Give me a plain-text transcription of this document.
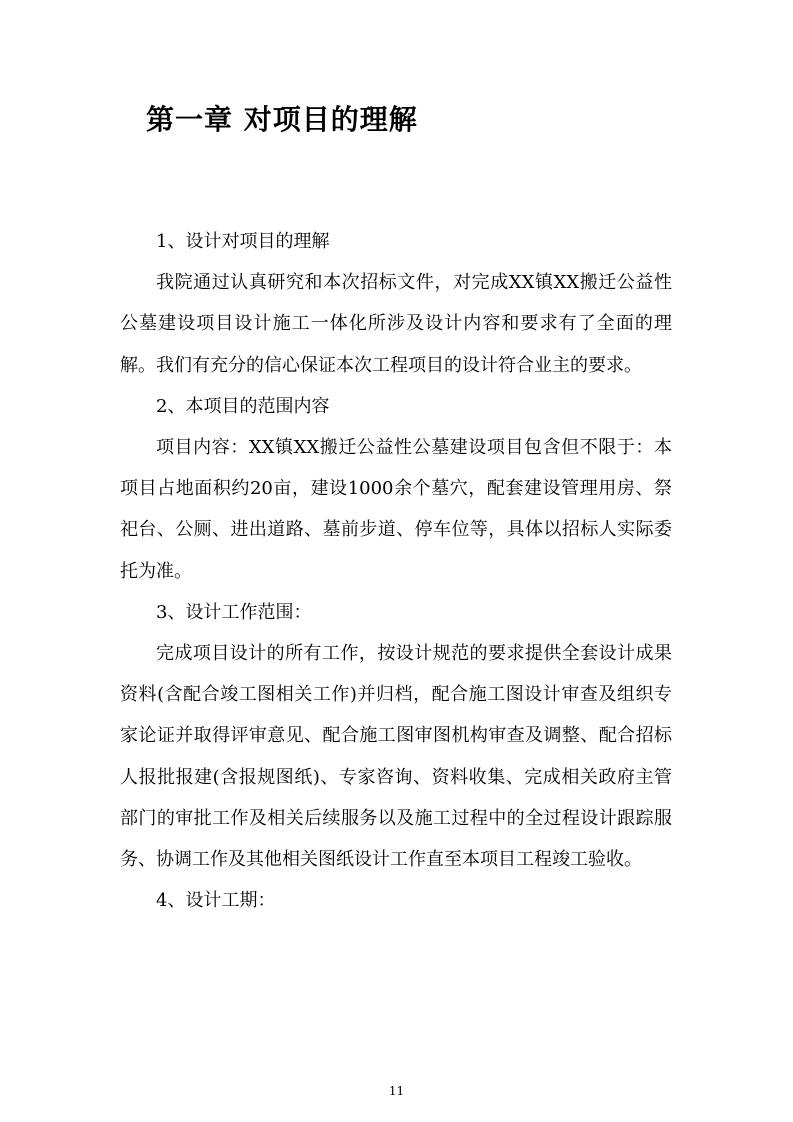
第一章 对项目的理解

1、设计对项目的理解

我院通过认真研究和本次招标文件，对完成XX镇XX搬迁公益性公墓建设项目设计施工一体化所涉及设计内容和要求有了全面的理解。我们有充分的信心保证本次工程项目的设计符合业主的要求。

2、本项目的范围内容

项目内容：XX镇XX搬迁公益性公墓建设项目包含但不限于：本项目占地面积约20亩，建设1000余个墓穴，配套建设管理用房、祭祀台、公厕、进出道路、墓前步道、停车位等，具体以招标人实际委托为准。

3、设计工作范围：

完成项目设计的所有工作，按设计规范的要求提供全套设计成果资料(含配合竣工图相关工作)并归档，配合施工图设计审查及组织专家论证并取得评审意见、配合施工图审图机构审查及调整、配合招标人报批报建(含报规图纸)、专家咨询、资料收集、完成相关政府主管部门的审批工作及相关后续服务以及施工过程中的全过程设计跟踪服务、协调工作及其他相关图纸设计工作直至本项目工程竣工验收。

4、设计工期：

11
